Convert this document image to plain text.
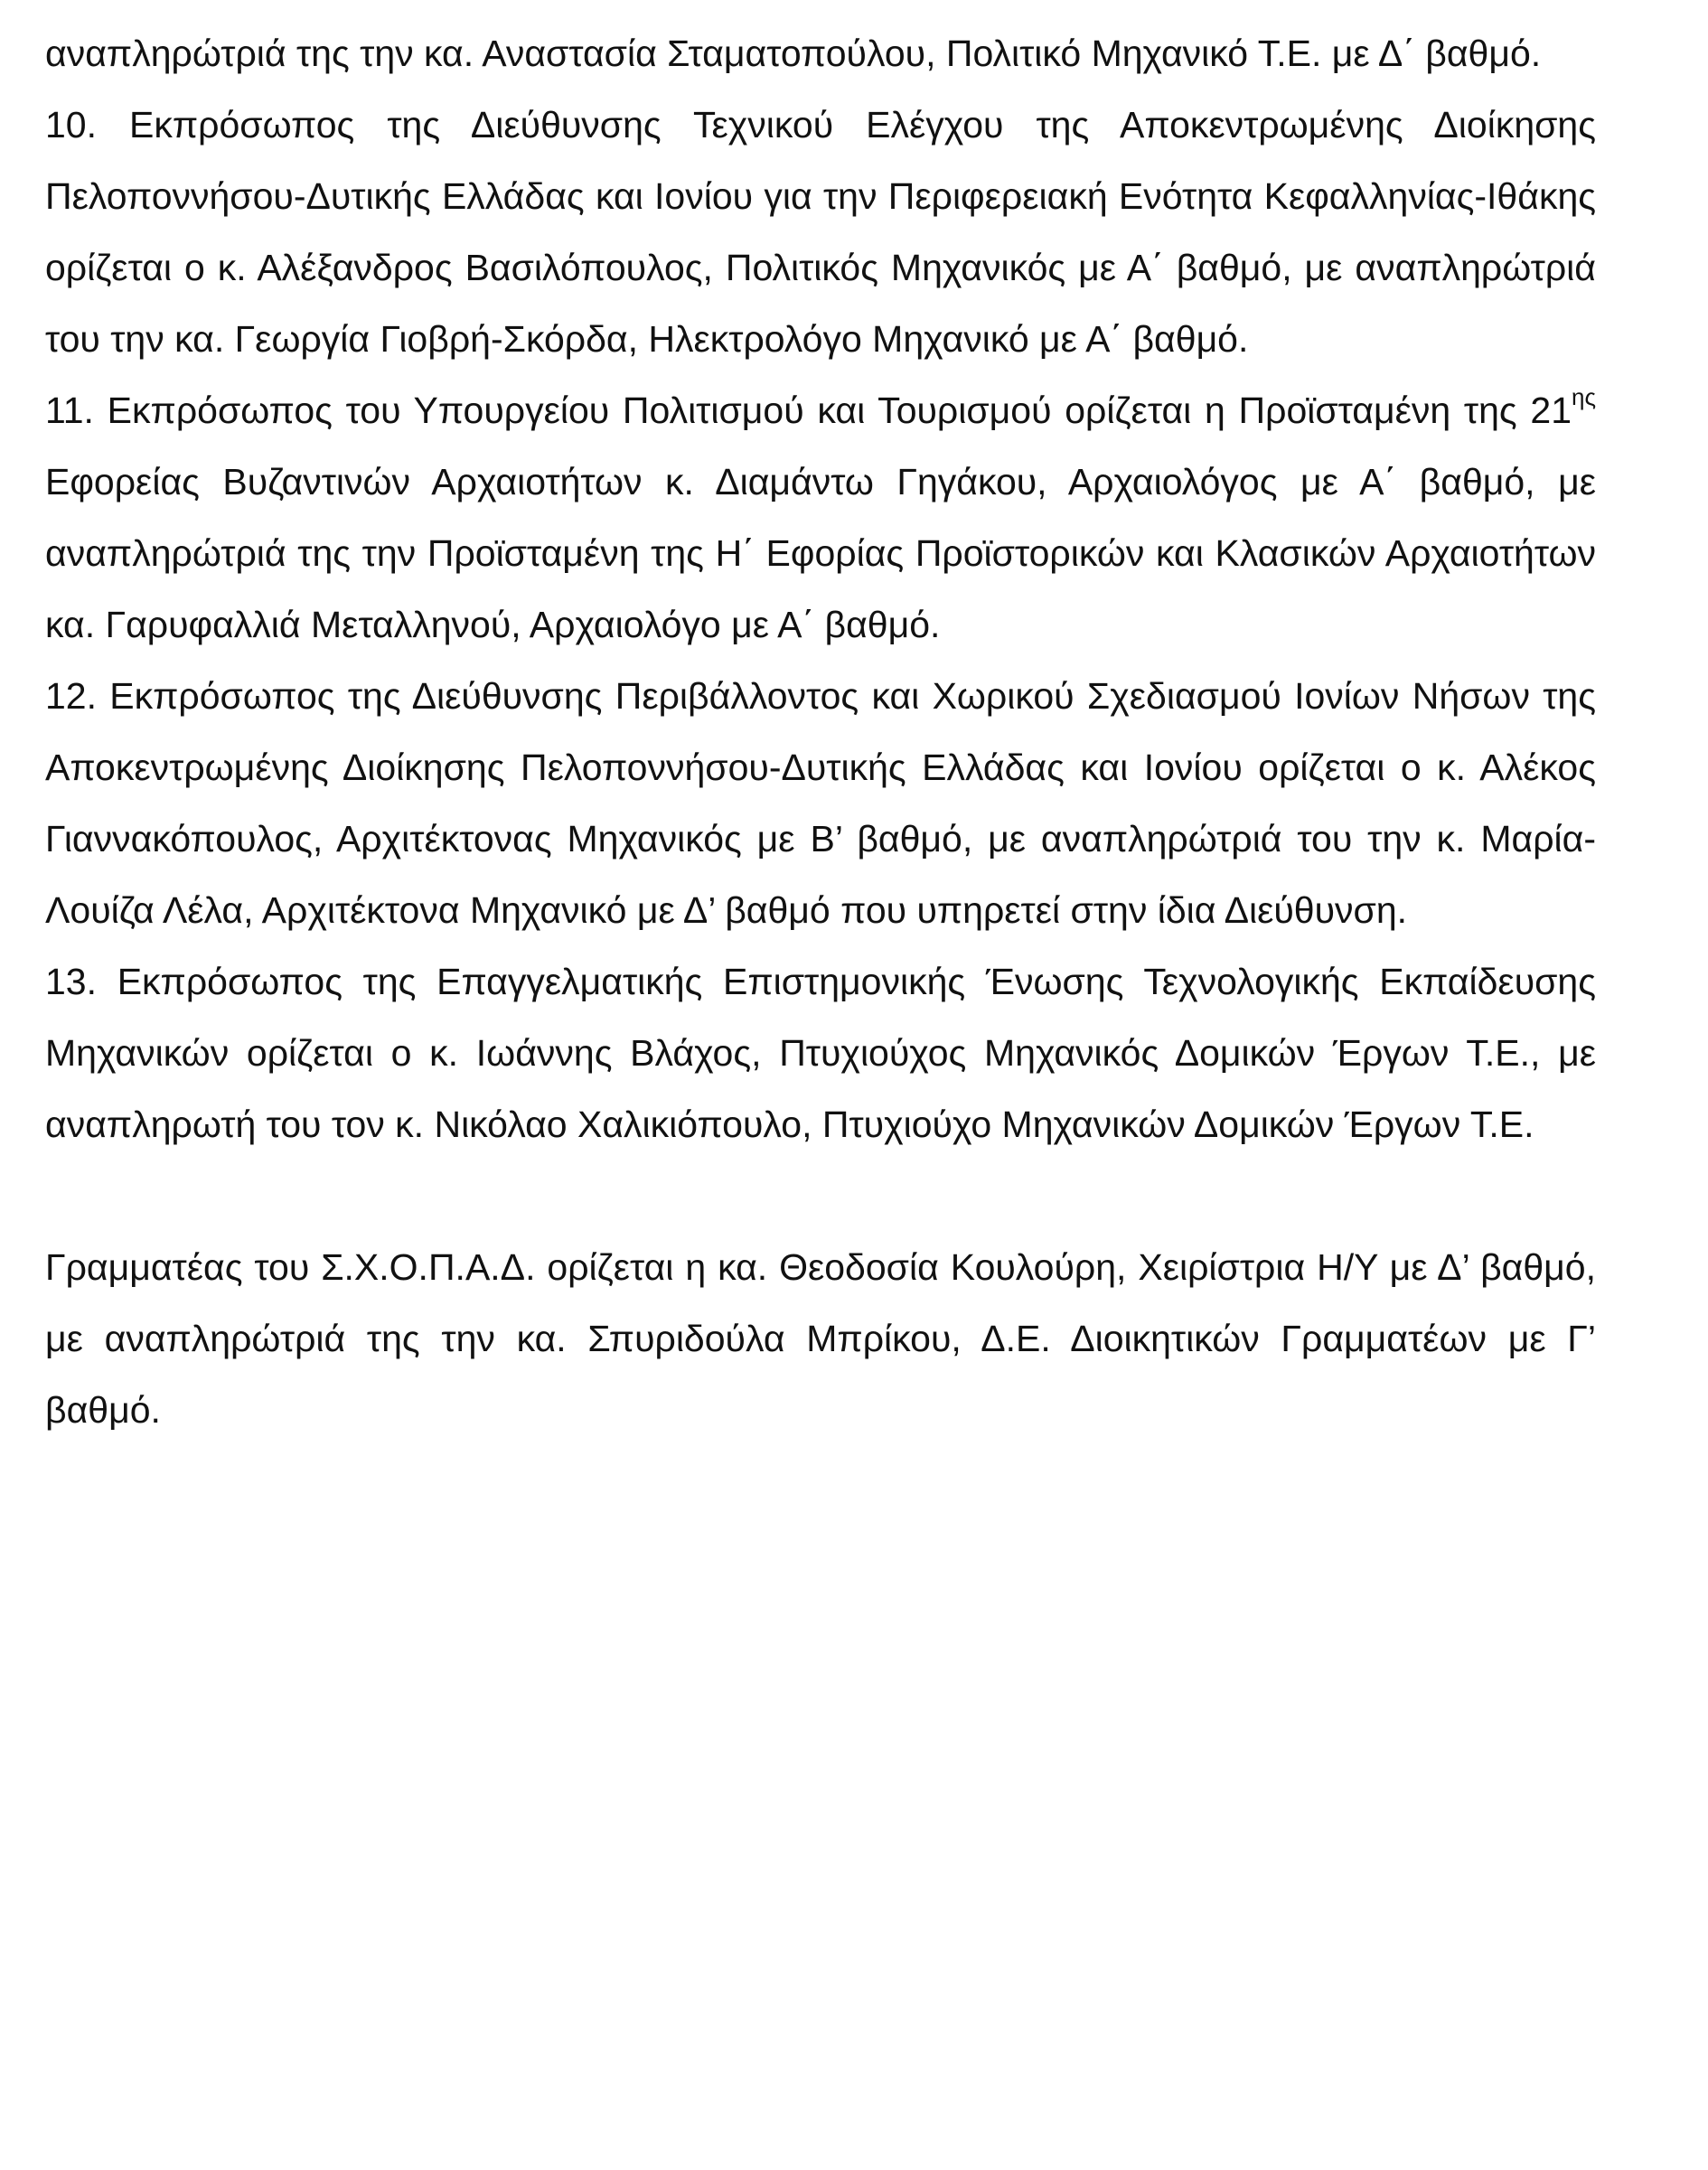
αναπληρώτριά της την κα. Αναστασία Σταματοπούλου, Πολιτικό Μηχανικό Τ.Ε. με Δ΄ βαθμό.

10. Εκπρόσωπος της Διεύθυνσης Τεχνικού Ελέγχου της Αποκεντρωμένης Διοίκησης Πελοποννήσου-Δυτικής Ελλάδας και Ιονίου για την Περιφερειακή Ενότητα Κεφαλληνίας-Ιθάκης ορίζεται ο κ. Αλέξανδρος Βασιλόπουλος, Πολιτικός Μηχανικός με Α΄ βαθμό, με αναπληρώτριά του την κα. Γεωργία Γιοβρή-Σκόρδα, Ηλεκτρολόγο Μηχανικό με Α΄ βαθμό.

11. Εκπρόσωπος του Υπουργείου Πολιτισμού και Τουρισμού ορίζεται η Προϊσταμένη της $21^{\eta\varsigma}$ Εφορείας Βυζαντινών Αρχαιοτήτων κ. Διαμάντω Γηγάκου, Αρχαιολόγος με Α΄ βαθμό, με αναπληρώτριά της την Προϊσταμένη της Η΄ Εφορίας Προϊστορικών και Κλασικών Αρχαιοτήτων κα. Γαρυφαλλιά Μεταλληνού, Αρχαιολόγο με Α΄ βαθμό.

12. Εκπρόσωπος της Διεύθυνσης Περιβάλλοντος και Χωρικού Σχεδιασμού Ιονίων Νήσων της Αποκεντρωμένης Διοίκησης Πελοποννήσου-Δυτικής Ελλάδας και Ιονίου ορίζεται ο κ. Αλέκος Γιαννακόπουλος, Αρχιτέκτονας Μηχανικός με Β’ βαθμό, με αναπληρώτριά του την κ. Μαρία-Λουίζα Λέλα, Αρχιτέκτονα Μηχανικό με Δ’ βαθμό που υπηρετεί στην ίδια Διεύθυνση.

13. Εκπρόσωπος της Επαγγελματικής Επιστημονικής Ένωσης Τεχνολογικής Εκπαίδευσης Μηχανικών ορίζεται ο κ. Ιωάννης Βλάχος, Πτυχιούχος Μηχανικός Δομικών Έργων Τ.Ε., με αναπληρωτή του τον κ. Νικόλαο Χαλικιόπουλο, Πτυχιούχο Μηχανικών Δομικών Έργων Τ.Ε.

Γραμματέας του Σ.Χ.Ο.Π.Α.Δ. ορίζεται η κα. Θεοδοσία Κουλούρη, Χειρίστρια Η/Υ με Δ’ βαθμό, με αναπληρώτριά της την κα. Σπυριδούλα Μπρίκου, Δ.Ε. Διοικητικών Γραμματέων με Γ’ βαθμό.
